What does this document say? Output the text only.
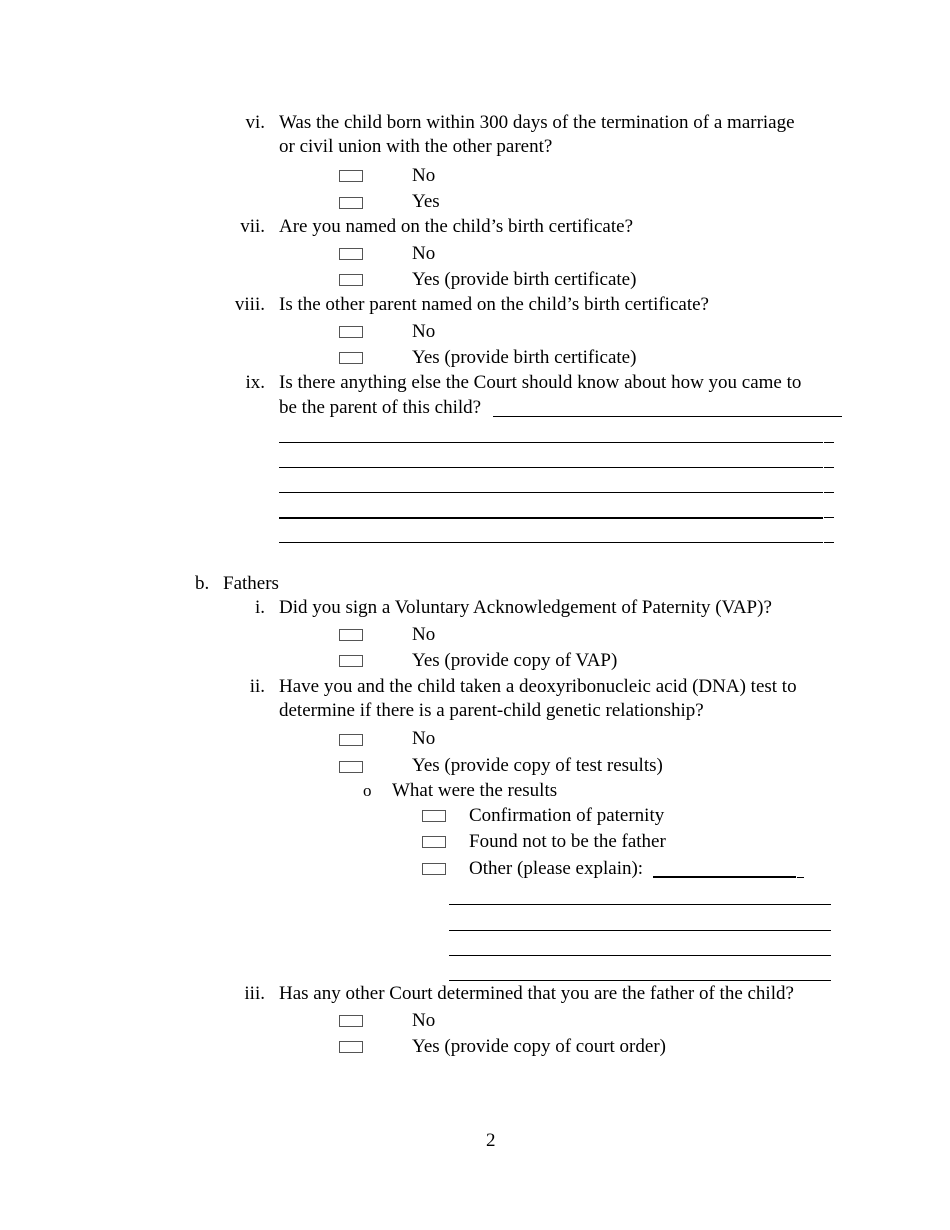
vi. Was the child born within 300 days of the termination of a marriage
or civil union with the other parent?
No
Yes
vii. Are you named on the child’s birth certificate?
No
Yes (provide birth certificate)
viii. Is the other parent named on the child’s birth certificate?
No
Yes (provide birth certificate)
ix. Is there anything else the Court should know about how you came to
be the parent of this child?
b. Fathers
i. Did you sign a Voluntary Acknowledgement of Paternity (VAP)?
No
Yes (provide copy of VAP)
ii. Have you and the child taken a deoxyribonucleic acid (DNA) test to
determine if there is a parent-child genetic relationship?
No
Yes (provide copy of test results)
o What were the results
Confirmation of paternity
Found not to be the father
Other (please explain):
iii. Has any other Court determined that you are the father of the child?
No
Yes (provide copy of court order)
2
